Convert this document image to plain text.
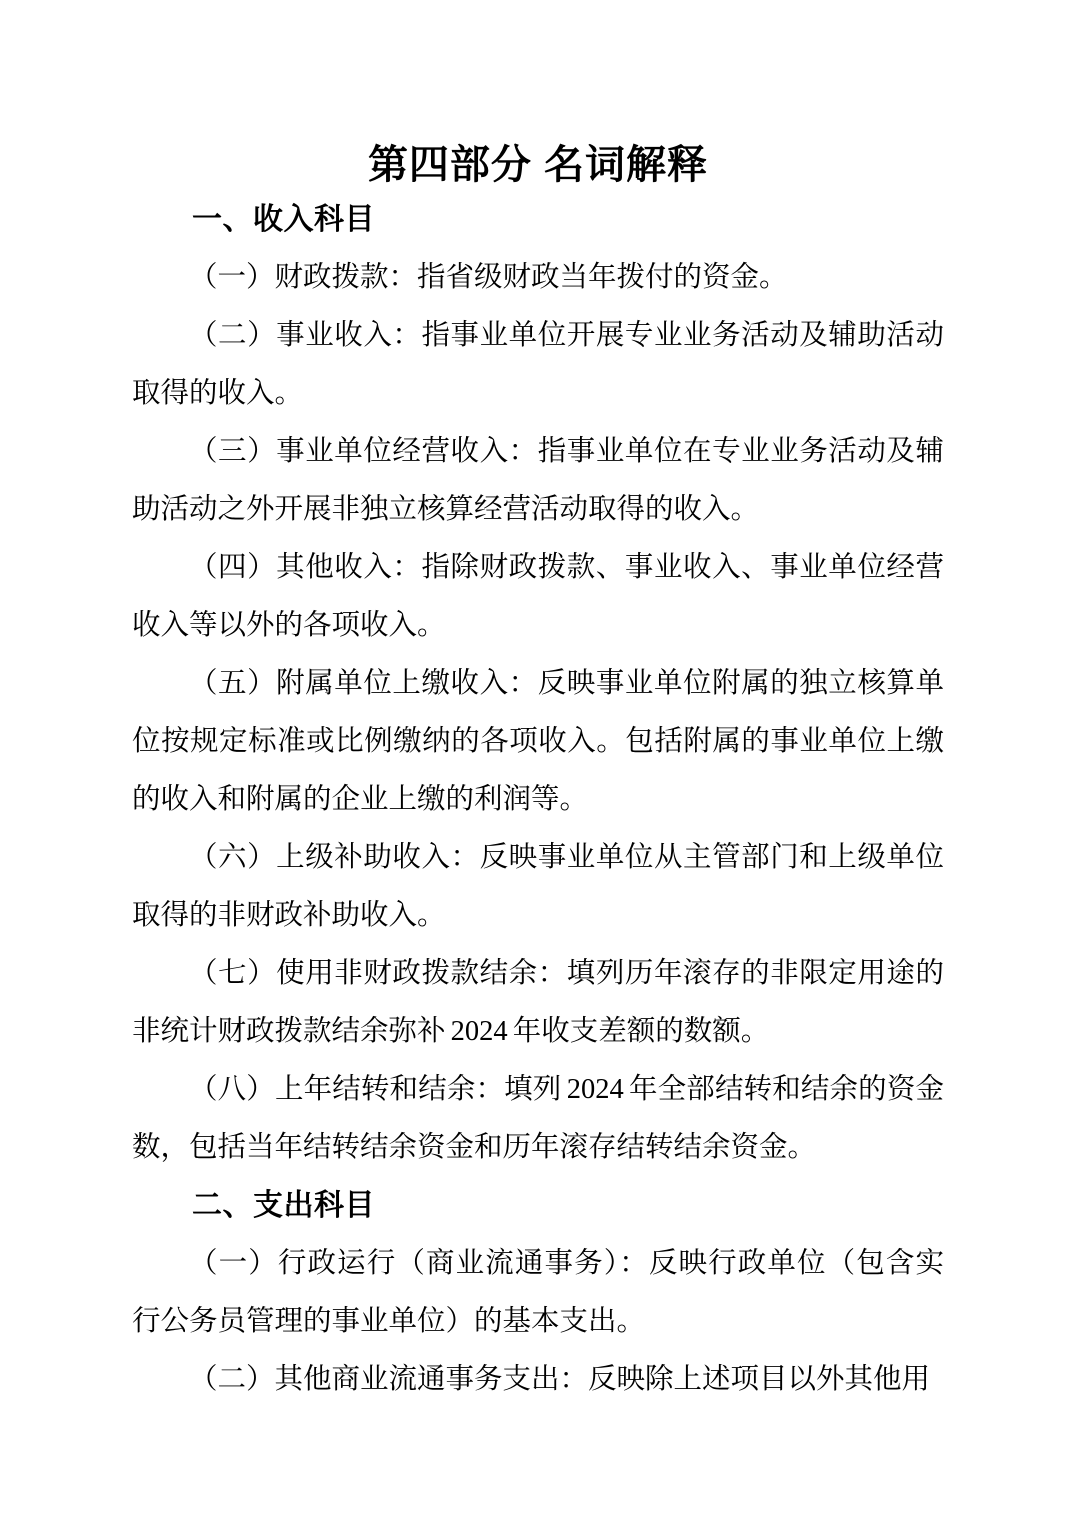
第四部分 名词解释
一、收入科目

（一）财政拨款：指省级财政当年拨付的资金。

（二）事业收入：指事业单位开展专业业务活动及辅助活动取得的收入。

（三）事业单位经营收入：指事业单位在专业业务活动及辅助活动之外开展非独立核算经营活动取得的收入。

（四）其他收入：指除财政拨款、事业收入、事业单位经营收入等以外的各项收入。

（五）附属单位上缴收入：反映事业单位附属的独立核算单位按规定标准或比例缴纳的各项收入。包括附属的事业单位上缴的收入和附属的企业上缴的利润等。

（六）上级补助收入：反映事业单位从主管部门和上级单位取得的非财政补助收入。

（七）使用非财政拨款结余：填列历年滚存的非限定用途的非统计财政拨款结余弥补 2024 年收支差额的数额。

（八）上年结转和结余：填列 2024 年全部结转和结余的资金数，包括当年结转结余资金和历年滚存结转结余资金。

二、支出科目

（一）行政运行（商业流通事务）：反映行政单位（包含实行公务员管理的事业单位）的基本支出。

（二）其他商业流通事务支出：反映除上述项目以外其他用
